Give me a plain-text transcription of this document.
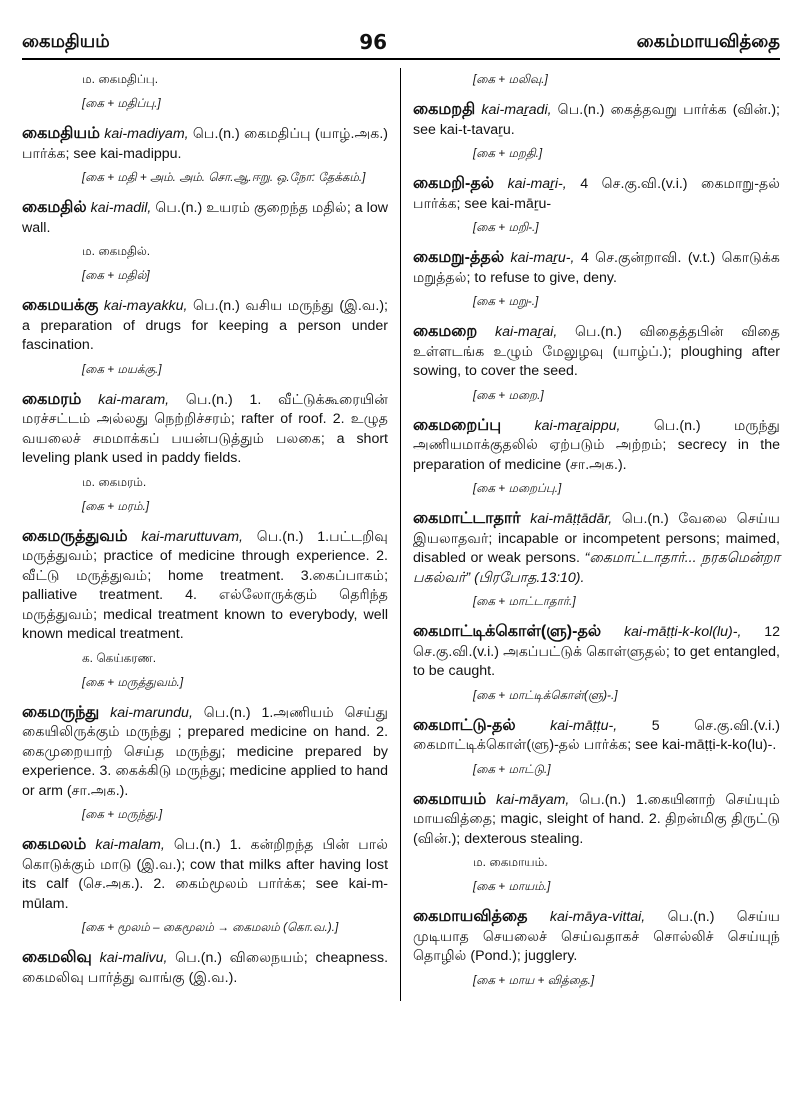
கைமதியம்	96	கைம்மாயவித்தை
ம. கைமதிப்பு.
[கை + மதிப்பு.]
கைமதியம் kai-madiyam, பெ.(n.) கைமதிப்பு (யாழ்.அக.) பார்க்க; see kai-madippu.
[கை + மதி + அம். அம். சொ.ஆ.ஈறு. ஒ.நோ: தேக்கம்.]
கைமதில் kai-madil, பெ.(n.) உயரம் குறைந்த மதில்; a low wall.
ம. கைமதில்.
[கை + மதில்]
கைமயக்கு kai-mayakku, பெ.(n.) வசிய மருந்து (இ.வ.); a preparation of drugs for keeping a person under fascination.
[கை + மயக்கு.]
கைமரம் kai-maram, பெ.(n.) 1. வீட்டுக்கூரையின் மரச்சட்டம் அல்லது நெற்றிச்சரம்; rafter of roof. 2. உழுத வயலைச் சமமாக்கப் பயன்படுத்தும் பலகை; a short leveling plank used in paddy fields.
ம. கைமரம்.
[கை + மரம்.]
கைமருத்துவம் kai-maruttuvam, பெ.(n.) 1.பட்டறிவு மருத்துவம்; practice of medicine through experience. 2. வீட்டு மருத்துவம்; home treatment. 3.கைப்பாகம்; palliative treatment. 4. எல்லோருக்கும் தெரிந்த மருத்துவம்; medical treatment known to everybody, well known medical treatment.
க. கெய்கரண.
[கை + மருத்துவம்.]
கைமருந்து kai-marundu, பெ.(n.) 1.அணியம் செய்து கையிலிருக்கும் மருந்து ; prepared medicine on hand. 2. கைமுறையாற் செய்த மருந்து; medicine prepared by experience. 3. கைக்கிடு மருந்து; medicine applied to hand or arm (சா.அக.).
[கை + மருந்து.]
கைமலம் kai-malam, பெ.(n.) 1. கன்றிறந்த பின் பால் கொடுக்கும் மாடு (இ.வ.); cow that milks after having lost its calf (செ.அக.). 2. கைம்மூலம் பார்க்க; see kai-m-mūlam.
[கை + மூலம் – கைமூலம் → கைமலம் (கொ.வ.).]
கைமலிவு kai-malivu, பெ.(n.) விலைநயம்; cheapness. கைமலிவு பார்த்து வாங்கு (இ.வ.).
[கை + மலிவு.]
கைமறதி kai-maṟadi, பெ.(n.) கைத்தவறு பார்க்க (வின்.); see kai-t-tavaṟu.
[கை + மறதி.]
கைமறி-தல் kai-maṟi-, 4 செ.கு.வி.(v.i.) கைமாறு-தல் பார்க்க; see kai-māṟu-
[கை + மறி-.]
கைமறு-த்தல் kai-maṟu-, 4 செ.குன்றாவி. (v.t.) கொடுக்க மறுத்தல்; to refuse to give, deny.
[கை + மறு-.]
கைமறை kai-maṟai, பெ.(n.) விதைத்தபின் விதை உள்ளடங்க உழும் மேலுழவு (யாழ்ப்.); ploughing after sowing, to cover the seed.
[கை + மறை.]
கைமறைப்பு kai-maṟaippu, பெ.(n.) மருந்து அணியமாக்குதலில் ஏற்படும் அற்றம்; secrecy in the preparation of medicine (சா.அக.).
[கை + மறைப்பு.]
கைமாட்டாதார் kai-māṭṭādār, பெ.(n.) வேலை செய்ய இயலாதவர்; incapable or incompetent persons; maimed, disabled or weak persons. “கைமாட்டாதார்... நரகமென்றா பகல்வர்” (பிரபோத.13:10).
[கை + மாட்டாதார்.]
கைமாட்டிக்கொள்(ளு)-தல் kai-māṭṭi-k-kol(lu)-, 12 செ.கு.வி.(v.i.) அகப்பட்டுக் கொள்ளுதல்; to get entangled, to be caught.
[கை + மாட்டிக்கொள்(ளு)-.]
கைமாட்டு-தல் kai-māṭṭu-, 5 செ.கு.வி.(v.i.) கைமாட்டிக்கொள்(ளு)-தல் பார்க்க; see kai-māṭṭi-k-ko(lu)-.
[கை + மாட்டு.]
கைமாயம் kai-māyam, பெ.(n.) 1.கையினாற் செய்யும் மாயவித்தை; magic, sleight of hand. 2. திறன்மிகு திருட்டு (வின்.); dexterous stealing.
ம. கைமாயம்.
[கை + மாயம்.]
கைமாயவித்தை kai-māya-vittai, பெ.(n.) செய்ய முடியாத செயலைச் செய்வதாகச் சொல்லிச் செய்யுந் தொழில் (Pond.); jugglery.
[கை + மாய + வித்தை.]
